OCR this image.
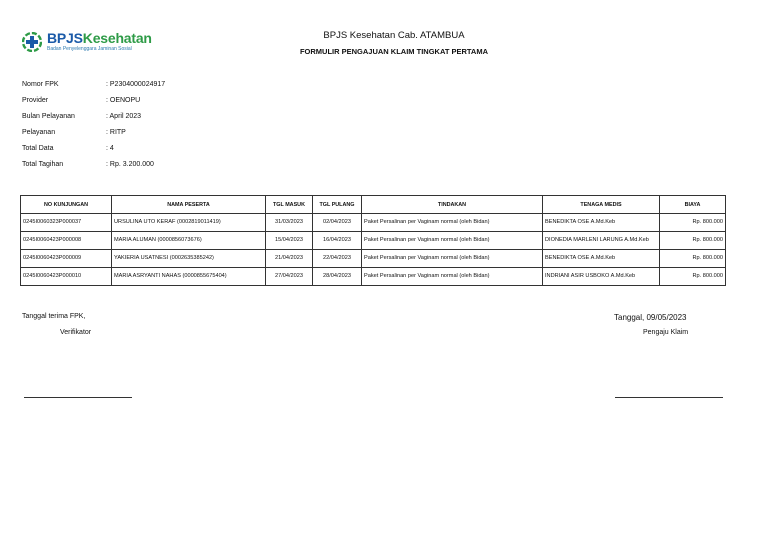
BPJSKesehatan
Badan Penyelenggara Jaminan Sosial
BPJS Kesehatan Cab. ATAMBUA
FORMULIR PENGAJUAN KLAIM TINGKAT PERTAMA
Nomor FPK	: P2304000024917
Provider	: OENOPU
Bulan Pelayanan	: April 2023
Pelayanan	: RITP
Total Data	: 4
Total Tagihan	: Rp. 3.200.000
NO KUNJUNGAN	NAMA PESERTA	TGL MASUK	TGL PULANG	TINDAKAN	TENAGA MEDIS	BIAYA
0245I0060323P000037	URSULINA UTO KERAF (0002819011419)	31/03/2023	02/04/2023	Paket Persalinan per Vaginam normal (oleh Bidan)	BENEDIKTA OSE A.Md.Keb	Rp. 800.000
0245I0060423P000008	MARIA ALUMAN (0000856073676)	15/04/2023	16/04/2023	Paket Persalinan per Vaginam normal (oleh Bidan)	DIONEDIA MARLENI LARUNG A.Md.Keb	Rp. 800.000
0245I0060423P000009	YAKIERIA USATNESI (0002635385242)	21/04/2023	22/04/2023	Paket Persalinan per Vaginam normal (oleh Bidan)	BENEDIKTA OSE A.Md.Keb	Rp. 800.000
0245I0060423P000010	MARIA ASRYANTI NAHAS (0000855675404)	27/04/2023	28/04/2023	Paket Persalinan per Vaginam normal (oleh Bidan)	INDRIANI ASIR USBOKO A.Md.Keb	Rp. 800.000
Tanggal terima FPK,
Verifikator
Tanggal, 09/05/2023
Pengaju Klaim
